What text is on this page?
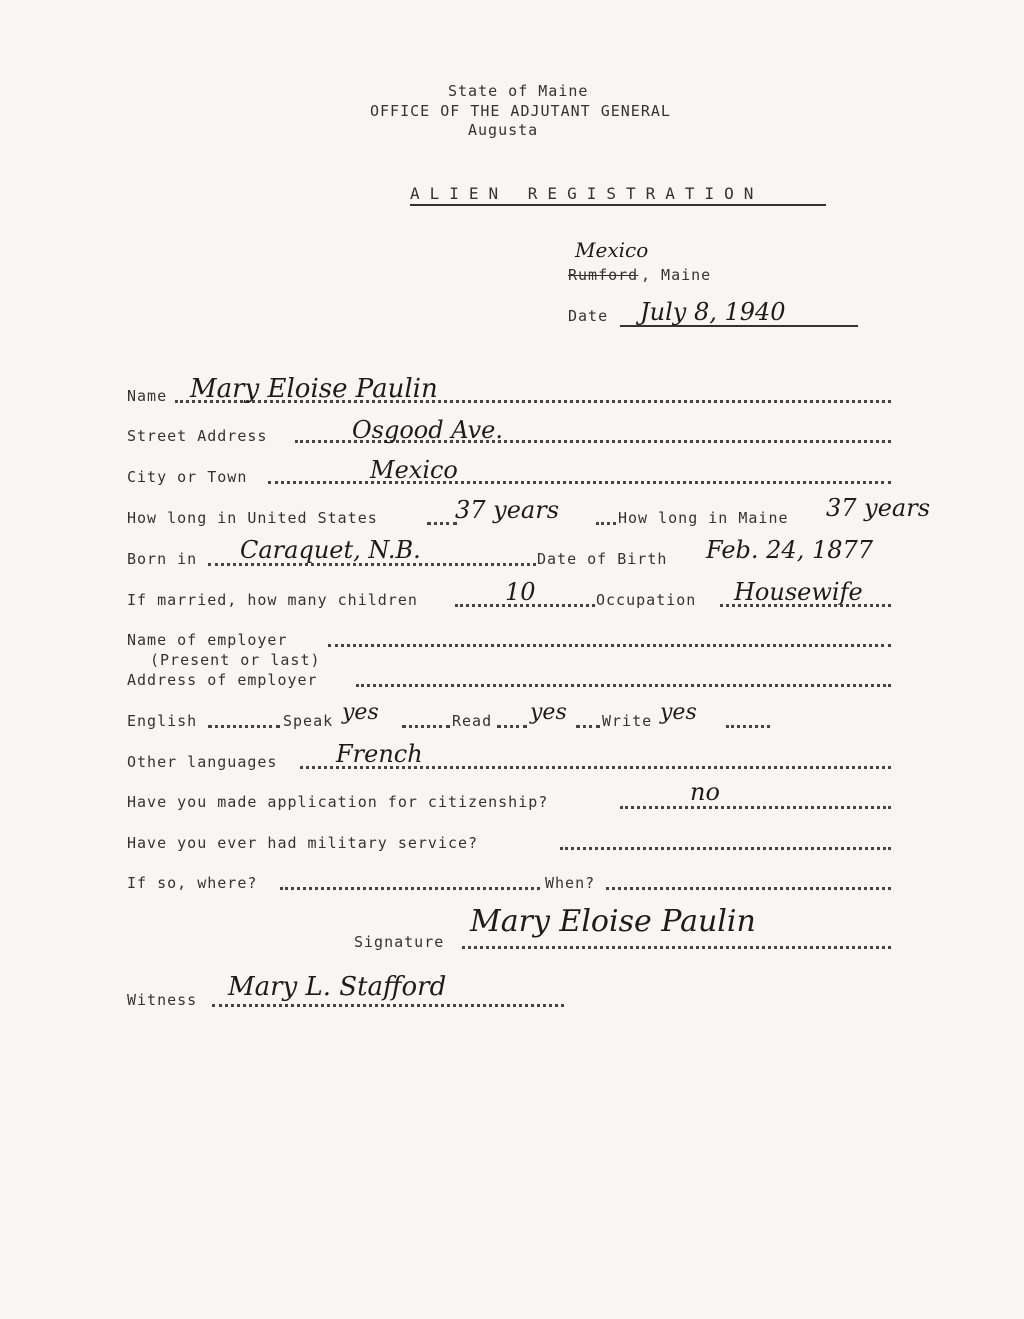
State of Maine
OFFICE OF THE ADJUTANT GENERAL
Augusta
ALIEN REGISTRATION
Mexico
Rumford , Maine
Date July 8, 1940
Name Mary Eloise Paulin
Street Address	Osgood Ave.
City or Town	Mexico
How long in United States	37 years	How long in Maine 37 years
Born in Caraquet, N.B.	Date of Birth Feb. 24, 1877
If married, how many children	10	Occupation Housewife
Name of employer
(Present or last)
Address of employer
English	Speak yes	Read yes Write yes
Other languages French
Have you made application for citizenship?	no
Have you ever had military service?
If so, where?	When?
Signature
Mary Eloise Paulin
Witness Mary L. Stafford
